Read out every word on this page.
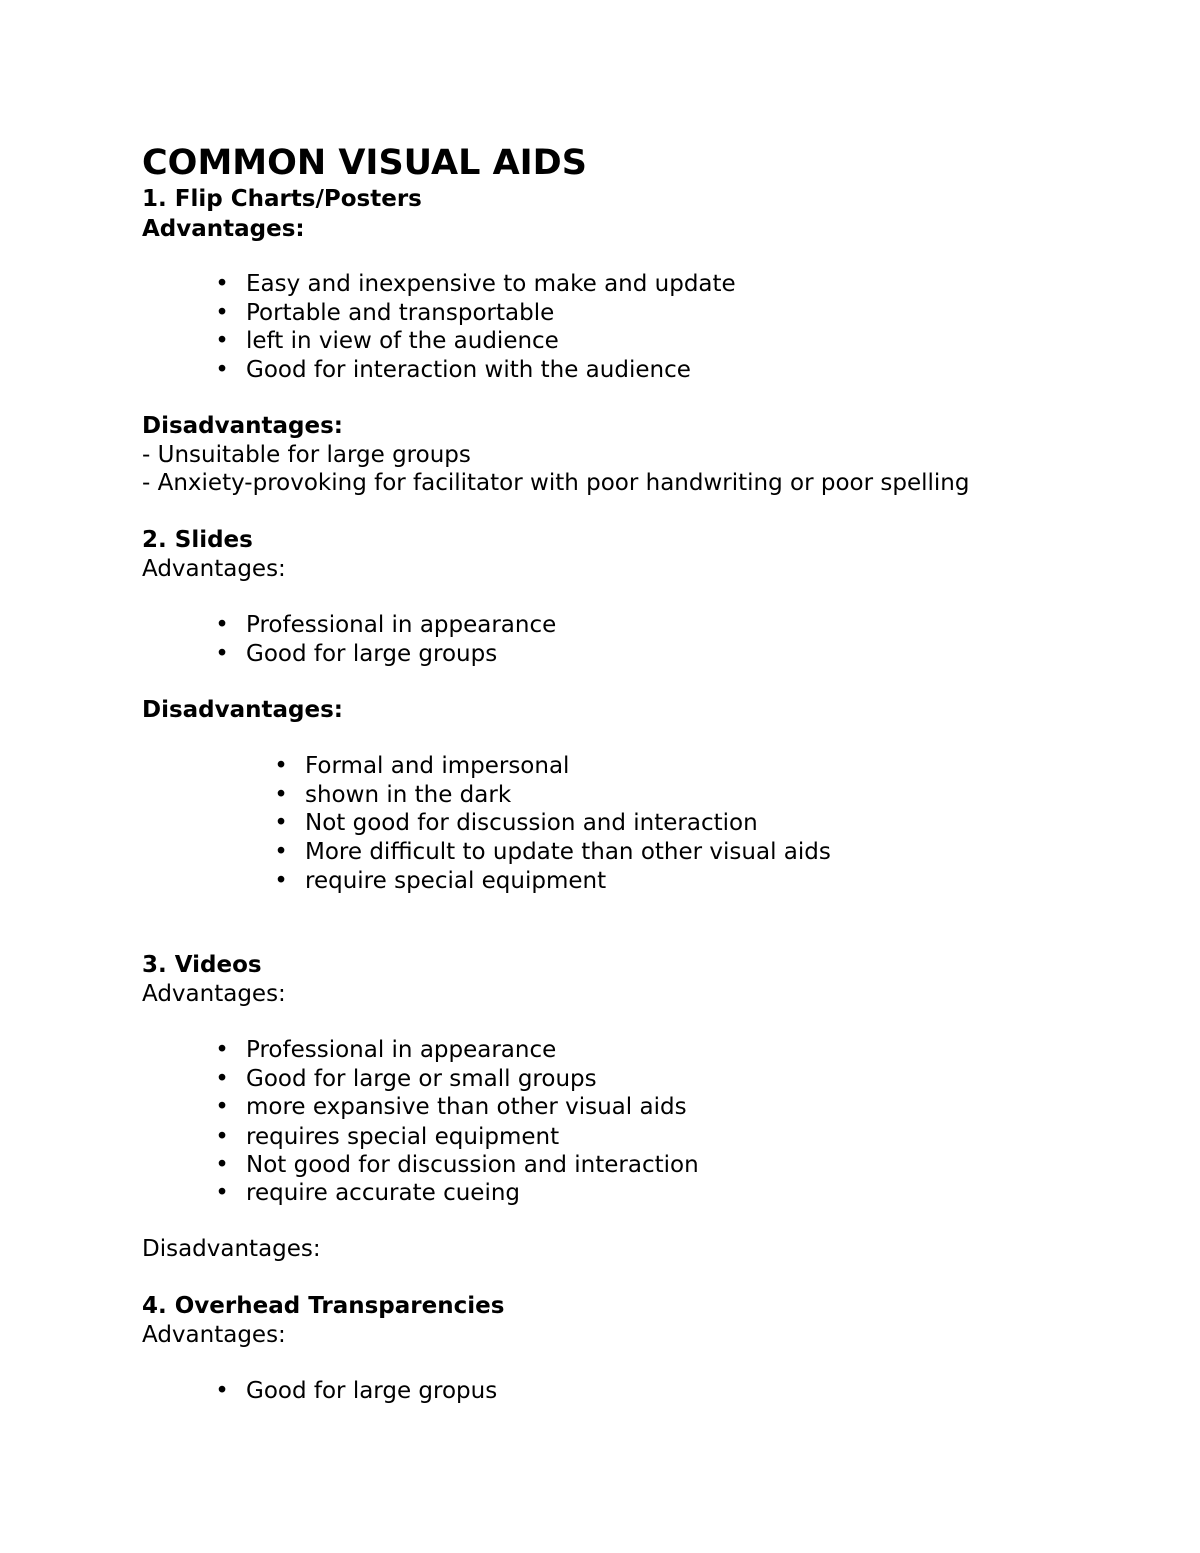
COMMON VISUAL AIDS
1. Flip Charts/Posters
Advantages:
• Easy and inexpensive to make and update
• Portable and transportable
• left in view of the audience
• Good for interaction with the audience
Disadvantages:
- Unsuitable for large groups
- Anxiety-provoking for facilitator with poor handwriting or poor spelling
2. Slides
Advantages:
• Professional in appearance
• Good for large groups
Disadvantages:
• Formal and impersonal
• shown in the dark
• Not good for discussion and interaction
• More difficult to update than other visual aids
• require special equipment
3. Videos
Advantages:
• Professional in appearance
• Good for large or small groups
• more expansive than other visual aids
• requires special equipment
• Not good for discussion and interaction
• require accurate cueing
Disadvantages:
4. Overhead Transparencies
Advantages:
• Good for large gropus
